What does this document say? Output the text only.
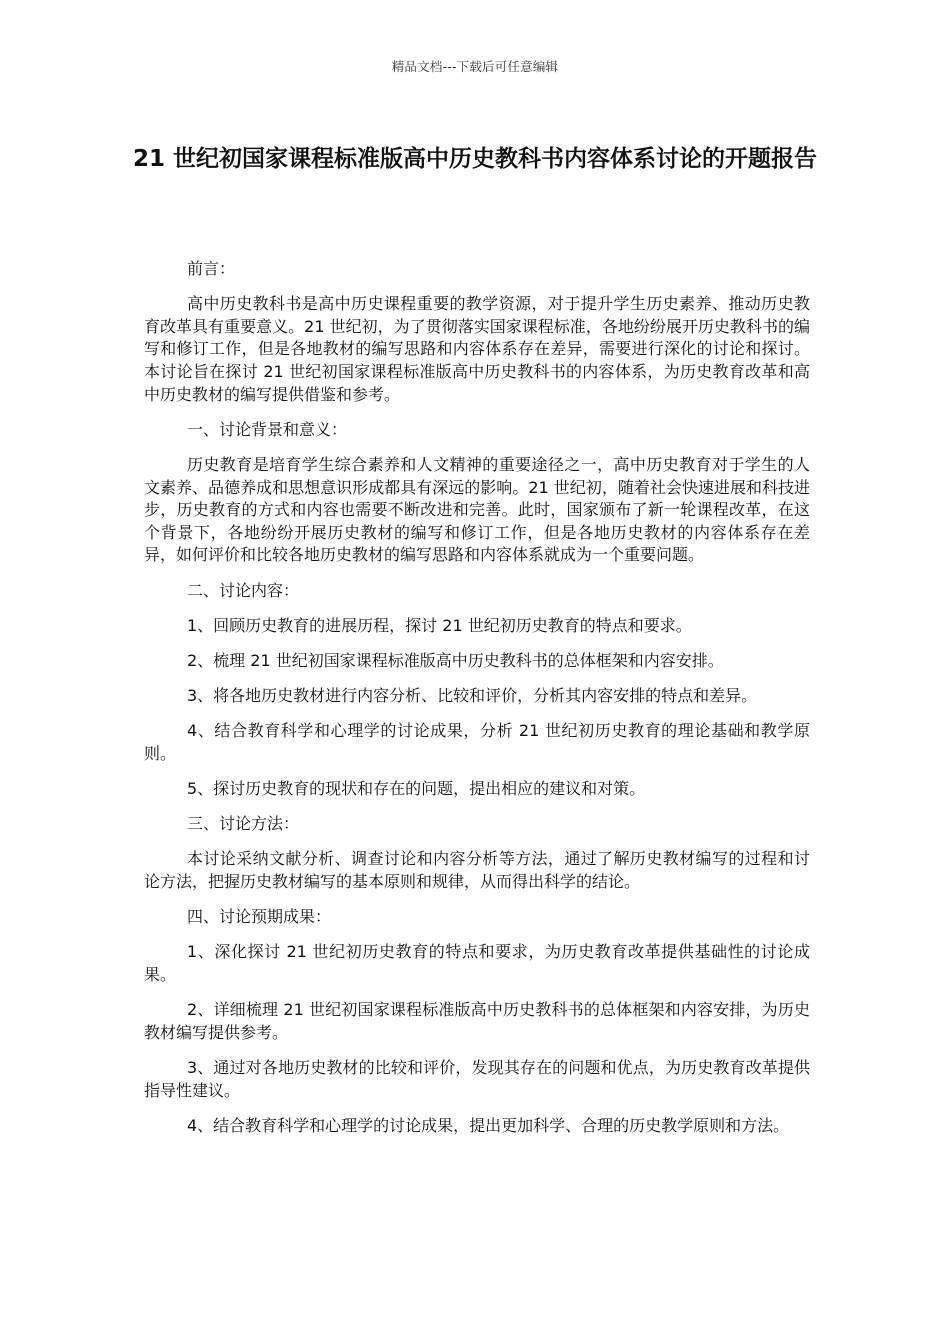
精品文档---下载后可任意编辑
21 世纪初国家课程标准版高中历史教科书内容体系讨论的开题报告

前言：

高中历史教科书是高中历史课程重要的教学资源，对于提升学生历史素养、推动历史教育改革具有重要意义。21 世纪初，为了贯彻落实国家课程标准，各地纷纷展开历史教科书的编写和修订工作，但是各地教材的编写思路和内容体系存在差异，需要进行深化的讨论和探讨。本讨论旨在探讨 21 世纪初国家课程标准版高中历史教科书的内容体系，为历史教育改革和高中历史教材的编写提供借鉴和参考。

一、讨论背景和意义：

历史教育是培育学生综合素养和人文精神的重要途径之一，高中历史教育对于学生的人文素养、品德养成和思想意识形成都具有深远的影响。21 世纪初，随着社会快速进展和科技进步，历史教育的方式和内容也需要不断改进和完善。此时，国家颁布了新一轮课程改革，在这个背景下，各地纷纷开展历史教材的编写和修订工作，但是各地历史教材的内容体系存在差异，如何评价和比较各地历史教材的编写思路和内容体系就成为一个重要问题。

二、讨论内容：

1、回顾历史教育的进展历程，探讨 21 世纪初历史教育的特点和要求。

2、梳理 21 世纪初国家课程标准版高中历史教科书的总体框架和内容安排。

3、将各地历史教材进行内容分析、比较和评价，分析其内容安排的特点和差异。

4、结合教育科学和心理学的讨论成果，分析 21 世纪初历史教育的理论基础和教学原则。

5、探讨历史教育的现状和存在的问题，提出相应的建议和对策。

三、讨论方法：

本讨论采纳文献分析、调查讨论和内容分析等方法，通过了解历史教材编写的过程和讨论方法，把握历史教材编写的基本原则和规律，从而得出科学的结论。

四、讨论预期成果：

1、深化探讨 21 世纪初历史教育的特点和要求，为历史教育改革提供基础性的讨论成果。

2、详细梳理 21 世纪初国家课程标准版高中历史教科书的总体框架和内容安排，为历史教材编写提供参考。

3、通过对各地历史教材的比较和评价，发现其存在的问题和优点，为历史教育改革提供指导性建议。

4、结合教育科学和心理学的讨论成果，提出更加科学、合理的历史教学原则和方法。
